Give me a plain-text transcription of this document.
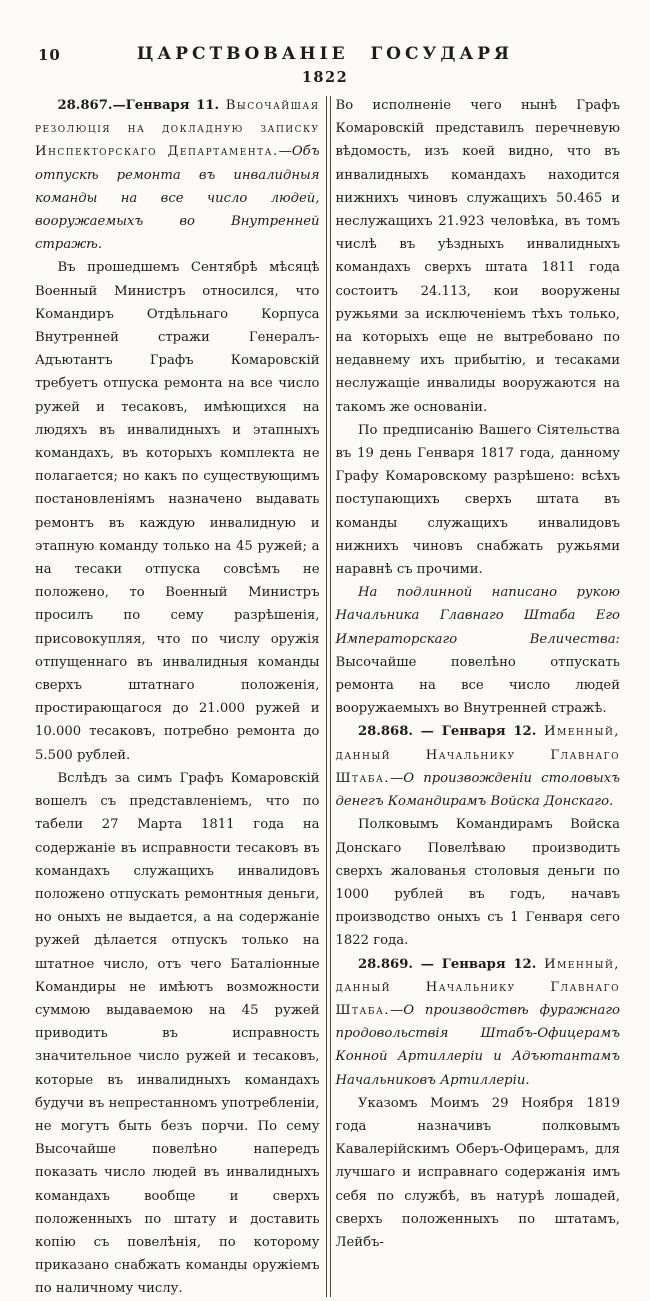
10	ЦАРСТВОВАНІЕ ГОСУДАРЯ
1822

28.867.—Генваря 11. Высочайшая резолюція на докладную записку Инспекторскаго Департамента.—Объ отпускѣ ремонта въ инвалидныя команды на все число людей, вооружаемыхъ во Внутренней стражѣ.

Въ прошедшемъ Сентябрѣ мѣсяцѣ Военный Министръ относился, что Командиръ Отдѣльнаго Корпуса Внутренней стражи Генералъ-Адъютантъ Графъ Комаровскій требуетъ отпуска ремонта на все число ружей и тесаковъ, имѣющихся на людяхъ въ инвалидныхъ и этапныхъ командахъ, въ которыхъ комплекта не полагается; но какъ по существующимъ постановленіямъ назначено выдавать ремонтъ въ каждую инвалидную и этапную команду только на 45 ружей; а на тесаки отпуска совсѣмъ не положено, то Военный Министръ просилъ по сему разрѣшенія, присовокупляя, что по числу оружія отпущеннаго въ инвалидныя команды сверхъ штатнаго положенія, простирающагося до 21.000 ружей и 10.000 тесаковъ, потребно ремонта до 5.500 рублей.

Вслѣдъ за симъ Графъ Комаровскій вошелъ съ представленіемъ, что по табели 27 Марта 1811 года на содержаніе въ исправности тесаковъ въ командахъ служащихъ инвалидовъ положено отпускать ремонтныя деньги, но оныхъ не выдается, а на содержаніе ружей дѣлается отпускъ только на штатное число, отъ чего Баталіонные Командиры не имѣютъ возможности суммою выдаваемою на 45 ружей приводить въ исправность значительное число ружей и тесаковъ, которые въ инвалидныхъ командахъ будучи въ непрестанномъ употребленіи, не могутъ быть безъ порчи. По сему Высочайше повелѣно напередъ показать число людей въ инвалидныхъ командахъ вообще и сверхъ положенныхъ по штату и доставить копію съ повелѣнія, по которому приказано снабжать команды оружіемъ по наличному числу.

Во исполненіе чего нынѣ Графъ Комаровскій представилъ перечневую вѣдомость, изъ коей видно, что въ инвалидныхъ командахъ находится нижнихъ чиновъ служащихъ 50.465 и неслужащихъ 21.923 человѣка, въ томъ числѣ въ уѣздныхъ инвалидныхъ командахъ сверхъ штата 1811 года состоитъ 24.113, кои вооружены ружьями за исключеніемъ тѣхъ только, на которыхъ еще не вытребовано по недавнему ихъ прибытію, и тесаками неслужащіе инвалиды вооружаются на такомъ же основаніи.

По предписанію Вашего Сіятельства въ 19 день Генваря 1817 года, данному Графу Комаровскому разрѣшено: всѣхъ поступающихъ сверхъ штата въ команды служащихъ инвалидовъ нижнихъ чиновъ снабжать ружьями наравнѣ съ прочими.

На подлинной написано рукою Начальника Главнаго Штаба Его Императорскаго Величества: Высочайше повелѣно отпускать ремонта на все число людей вооружаемыхъ во Внутренней стражѣ.

28.868. — Генваря 12. Именный, данный Начальнику Главнаго Штаба.—О произвожденіи столовыхъ денегъ Командирамъ Войска Донскаго.

Полковымъ Командирамъ Войска Донскаго Повелѣваю производить сверхъ жалованья столовыя деньги по 1000 рублей въ годъ, начавъ производство оныхъ съ 1 Генваря сего 1822 года.

28.869. — Генваря 12. Именный, данный Начальнику Главнаго Штаба.—О производствѣ фуражнаго продовольствія Штабъ-Офицерамъ Конной Артиллеріи и Адъютантамъ Начальниковъ Артиллеріи.

Указомъ Моимъ 29 Ноября 1819 года назначивъ полковымъ Кавалерійскимъ Оберъ-Офицерамъ, для лучшаго и исправнаго содержанія имъ себя по службѣ, въ натурѣ лошадей, сверхъ положенныхъ по штатамъ, Лейбъ-
